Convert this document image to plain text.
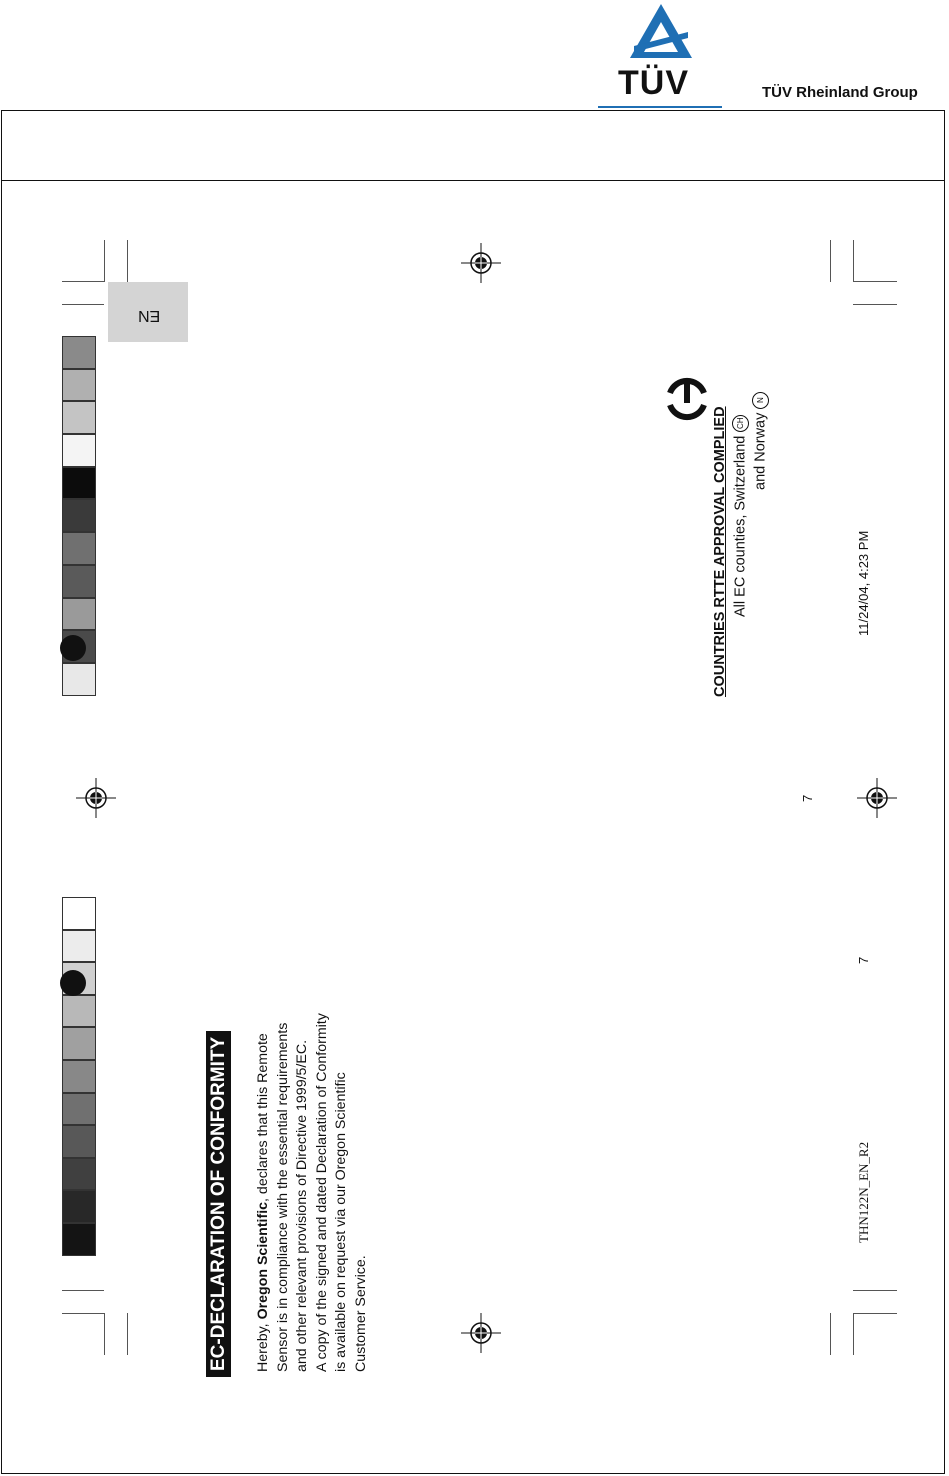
TÜV	TÜV Rheinland Group
EN
EC-DECLARATION OF CONFORMITY Hereby, Oregon Scientific, declares that this Remote Sensor is in compliance with the essential requirements and other relevant provisions of Directive 1999/5/EC. A copy of the signed and dated Declaration of Conformity is available on request via our Oregon Scientific Customer Service.
COUNTRIES RTTE APPROVAL COMPLIED All EC counties, SwitzerlandCH and NorwayN
7
7
11/24/04, 4:23 PM
THN122N_EN_R2
